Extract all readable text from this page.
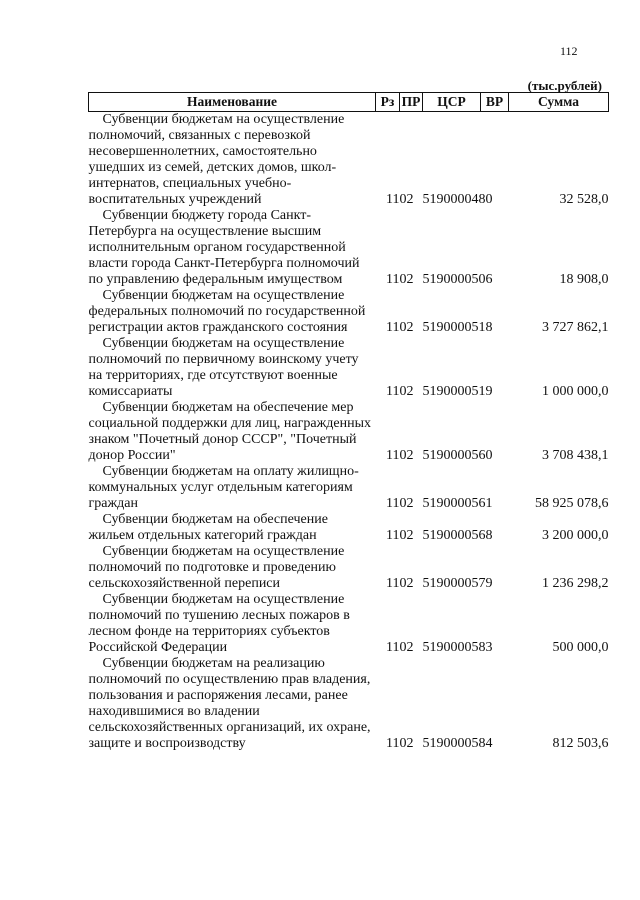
112
(тыс.рублей)
Наименование	Рз	ПР	ЦСР	ВР	Сумма
Субвенции бюджетам на осуществление полномочий, связанных с перевозкой несовершеннолетних, самостоятельно ушедших из семей, детских домов, школ-интернатов, специальных учебно-воспитательных учреждений	11	02	5190000480		32 528,0
Субвенции бюджету города Санкт-Петербурга на осуществление высшим исполнительным органом государственной власти города Санкт-Петербурга полномочий по управлению федеральным имуществом	11	02	5190000506		18 908,0
Субвенции бюджетам на осуществление федеральных полномочий по государственной регистрации актов гражданского состояния	11	02	5190000518		3 727 862,1
Субвенции бюджетам на осуществление полномочий по первичному воинскому учету на территориях, где отсутствуют военные комиссариаты	11	02	5190000519		1 000 000,0
Субвенции бюджетам на обеспечение мер социальной поддержки для лиц, награжденных знаком "Почетный донор СССР", "Почетный донор России"	11	02	5190000560		3 708 438,1
Субвенции бюджетам на оплату жилищно-коммунальных услуг отдельным категориям граждан	11	02	5190000561		58 925 078,6
Субвенции бюджетам на обеспечение жильем отдельных категорий граждан	11	02	5190000568		3 200 000,0
Субвенции бюджетам на осуществление полномочий по подготовке и проведению сельскохозяйственной переписи	11	02	5190000579		1 236 298,2
Субвенции бюджетам на осуществление полномочий по тушению лесных пожаров в лесном фонде на территориях субъектов Российской Федерации	11	02	5190000583		500 000,0
Субвенции бюджетам на реализацию полномочий по осуществлению прав владения, пользования и распоряжения лесами, ранее находившимися во владении сельскохозяйственных организаций, их охране, защите и воспроизводству	11	02	5190000584		812 503,6
